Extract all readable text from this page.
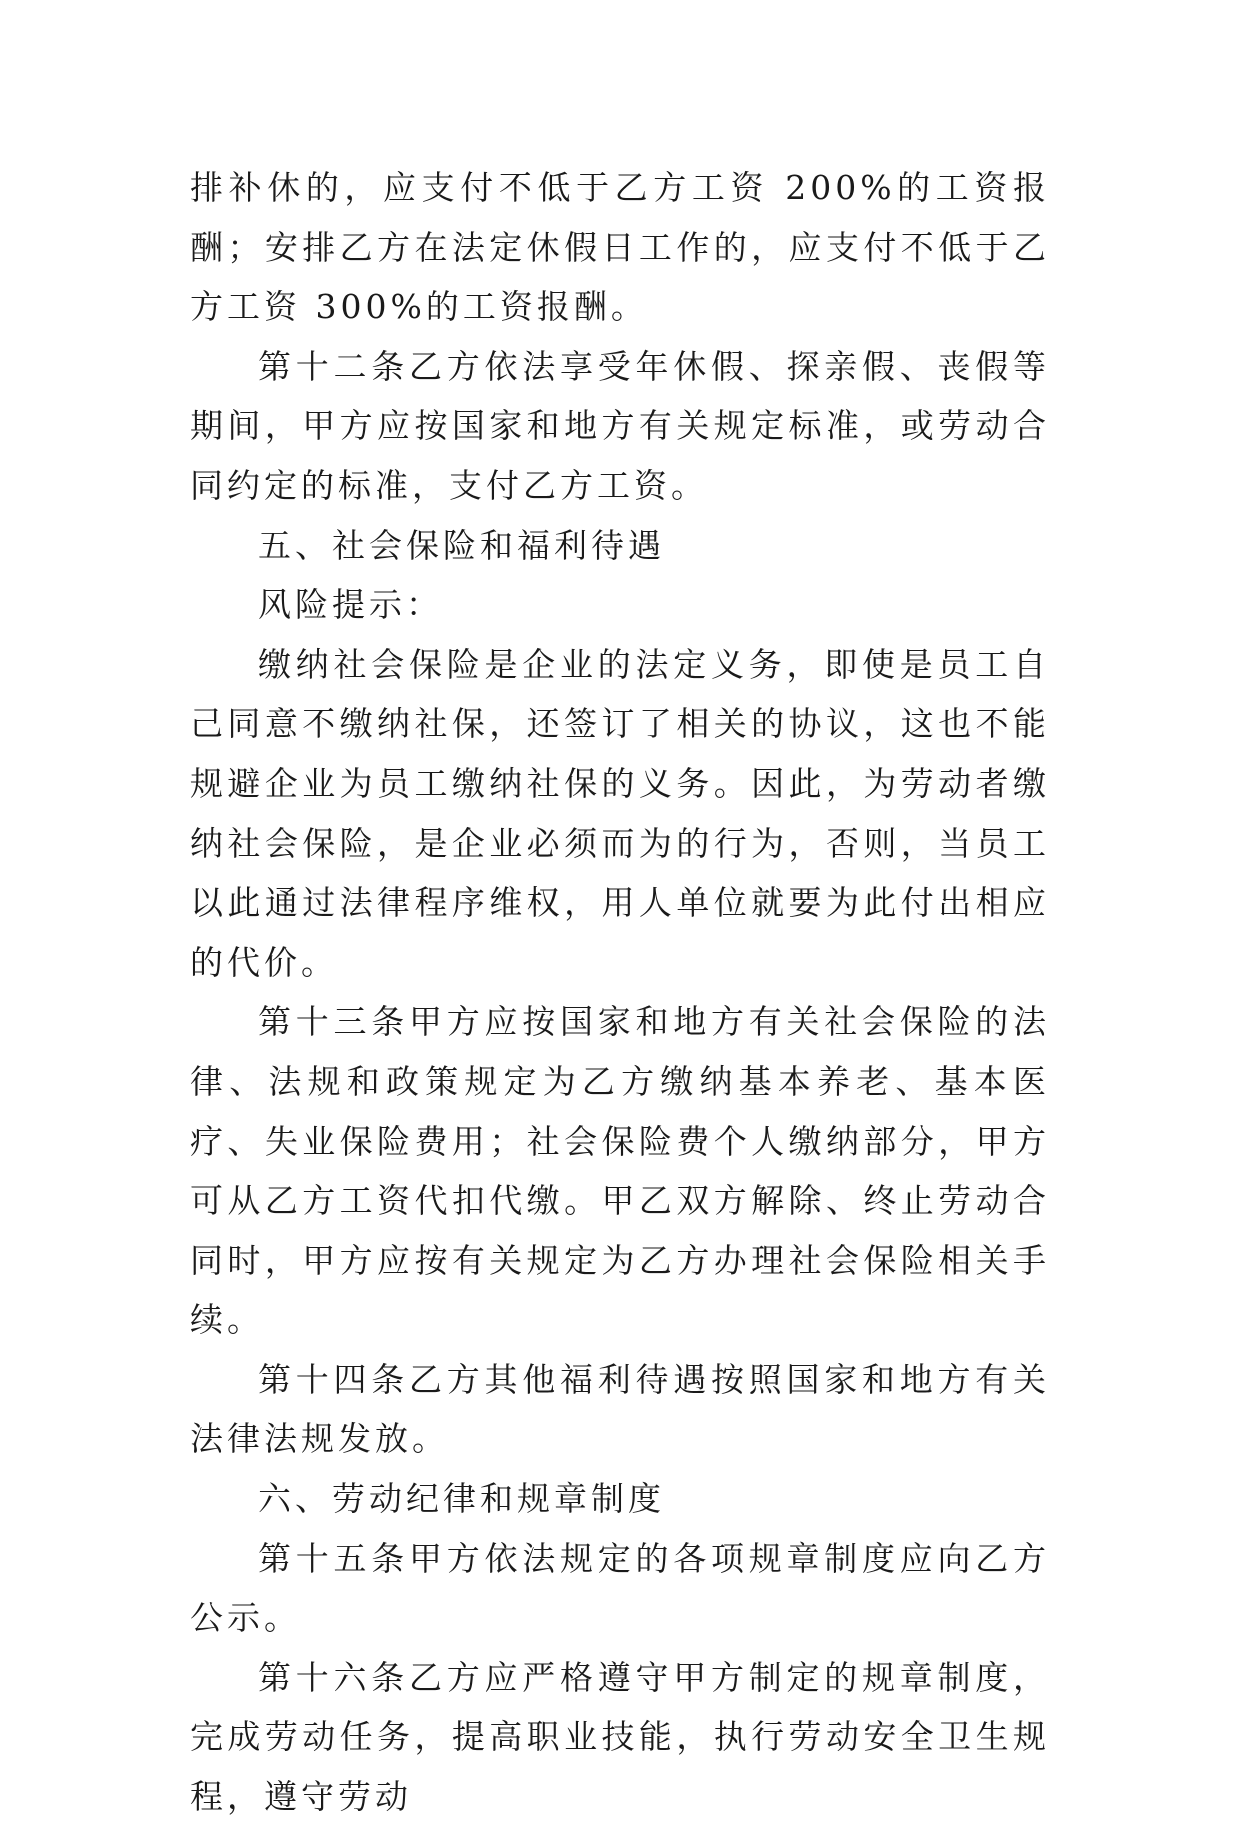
排补休的，应支付不低于乙方工资 200%的工资报酬；安排乙方在法定休假日工作的，应支付不低于乙方工资 300%的工资报酬。

第十二条乙方依法享受年休假、探亲假、丧假等期间，甲方应按国家和地方有关规定标准，或劳动合同约定的标准，支付乙方工资。

五、社会保险和福利待遇

风险提示：

缴纳社会保险是企业的法定义务，即使是员工自己同意不缴纳社保，还签订了相关的协议，这也不能规避企业为员工缴纳社保的义务。因此，为劳动者缴纳社会保险，是企业必须而为的行为，否则，当员工以此通过法律程序维权，用人单位就要为此付出相应的代价。

第十三条甲方应按国家和地方有关社会保险的法律、法规和政策规定为乙方缴纳基本养老、基本医疗、失业保险费用；社会保险费个人缴纳部分，甲方可从乙方工资代扣代缴。甲乙双方解除、终止劳动合同时，甲方应按有关规定为乙方办理社会保险相关手续。

第十四条乙方其他福利待遇按照国家和地方有关法律法规发放。

六、劳动纪律和规章制度

第十五条甲方依法规定的各项规章制度应向乙方公示。

第十六条乙方应严格遵守甲方制定的规章制度，完成劳动任务，提高职业技能，执行劳动安全卫生规程，遵守劳动
